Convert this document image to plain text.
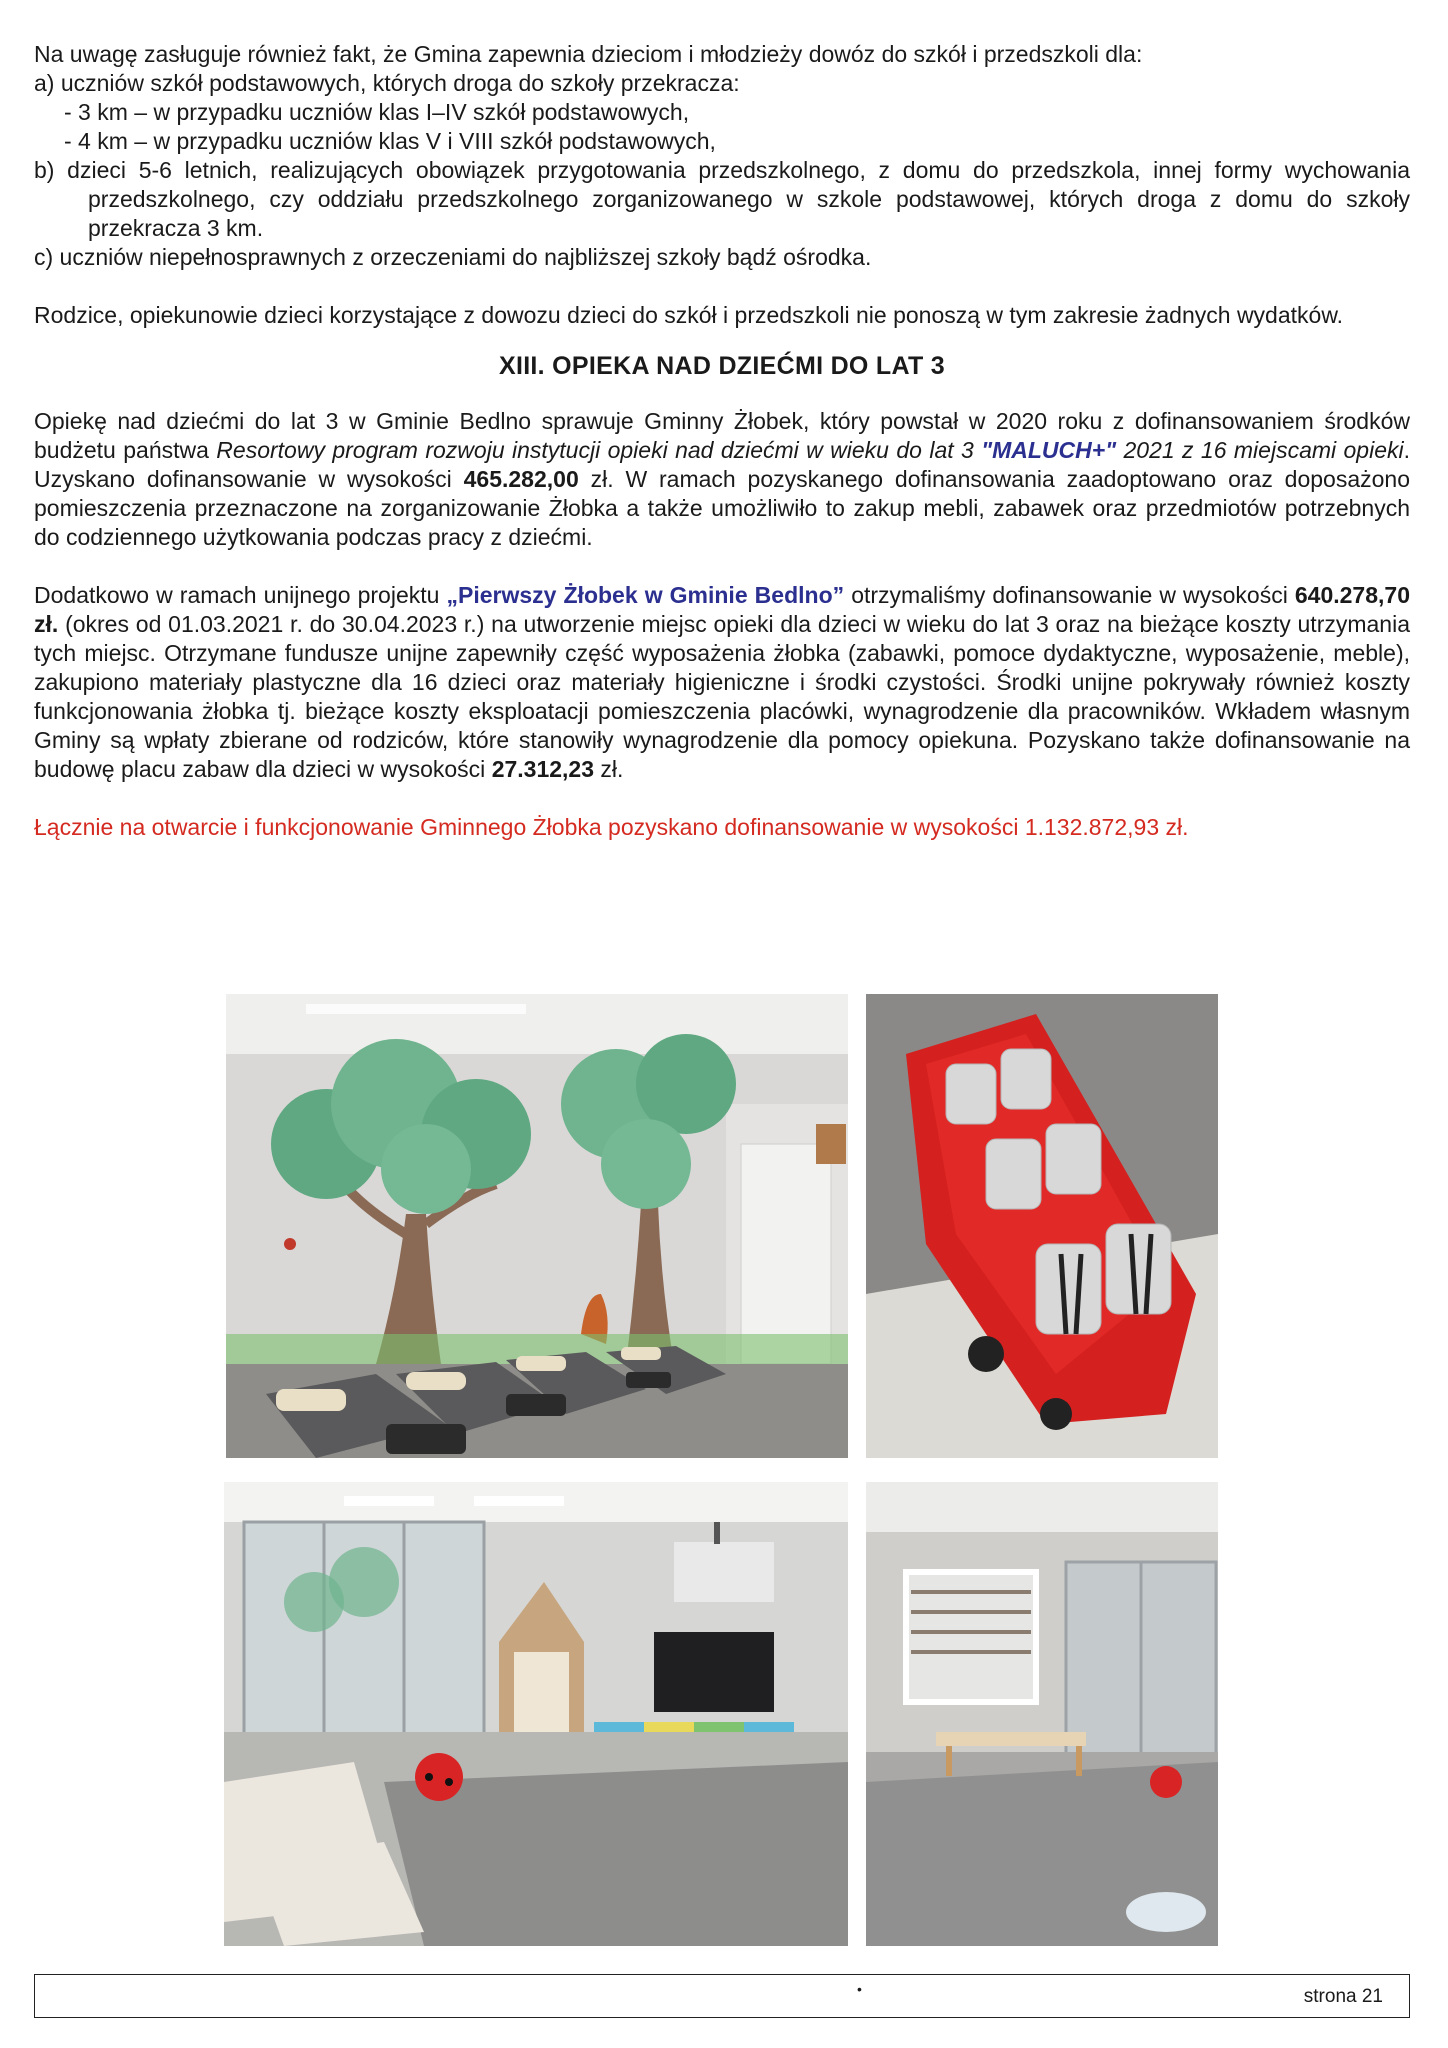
Na uwagę zasługuje również fakt, że Gmina zapewnia dzieciom i młodzieży dowóz do szkół i przedszkoli dla:

a) uczniów szkół podstawowych, których droga do szkoły przekracza:

- 3 km – w przypadku uczniów klas I–IV szkół podstawowych,

- 4 km – w przypadku uczniów klas V i VIII szkół podstawowych,

b) dzieci 5-6 letnich, realizujących obowiązek przygotowania przedszkolnego, z domu do przedszkola, innej formy wychowania przedszkolnego, czy oddziału przedszkolnego zorganizowanego w szkole podstawowej, których droga z domu do szkoły przekracza 3 km.

c) uczniów niepełnosprawnych z orzeczeniami do najbliższej szkoły bądź ośrodka.

Rodzice, opiekunowie dzieci korzystające z dowozu dzieci do szkół i przedszkoli nie ponoszą w tym zakresie żadnych wydatków.

XIII. OPIEKA NAD DZIEĆMI DO LAT 3

Opiekę nad dziećmi do lat 3 w Gminie Bedlno sprawuje Gminny Żłobek, który powstał w 2020 roku z dofinansowaniem środków budżetu państwa Resortowy program rozwoju instytucji opieki nad dziećmi w wieku do lat 3 "MALUCH+" 2021 z 16 miejscami opieki. Uzyskano dofinansowanie w wysokości 465.282,00 zł. W ramach pozyskanego dofinansowania zaadoptowano oraz doposażono pomieszczenia przeznaczone na zorganizowanie Żłobka a także umożliwiło to zakup mebli, zabawek oraz przedmiotów potrzebnych do codziennego użytkowania podczas pracy z dziećmi.

Dodatkowo w ramach unijnego projektu „Pierwszy Żłobek w Gminie Bedlno” otrzymaliśmy dofinansowanie w wysokości 640.278,70 zł. (okres od 01.03.2021 r. do 30.04.2023 r.) na utworzenie miejsc opieki dla dzieci w wieku do lat 3 oraz na bieżące koszty utrzymania tych miejsc. Otrzymane fundusze unijne zapewniły część wyposażenia żłobka (zabawki, pomoce dydaktyczne, wyposażenie, meble), zakupiono materiały plastyczne dla 16 dzieci oraz materiały higieniczne i środki czystości. Środki unijne pokrywały również koszty funkcjonowania żłobka tj. bieżące koszty eksploatacji pomieszczenia placówki, wynagrodzenie dla pracowników. Wkładem własnym Gminy są wpłaty zbierane od rodziców, które stanowiły wynagrodzenie dla pomocy opiekuna. Pozyskano także dofinansowanie na budowę placu zabaw dla dzieci w wysokości 27.312,23 zł.

Łącznie na otwarcie i funkcjonowanie Gminnego Żłobka pozyskano dofinansowanie w wysokości 1.132.872,93 zł.

•	strona 21
